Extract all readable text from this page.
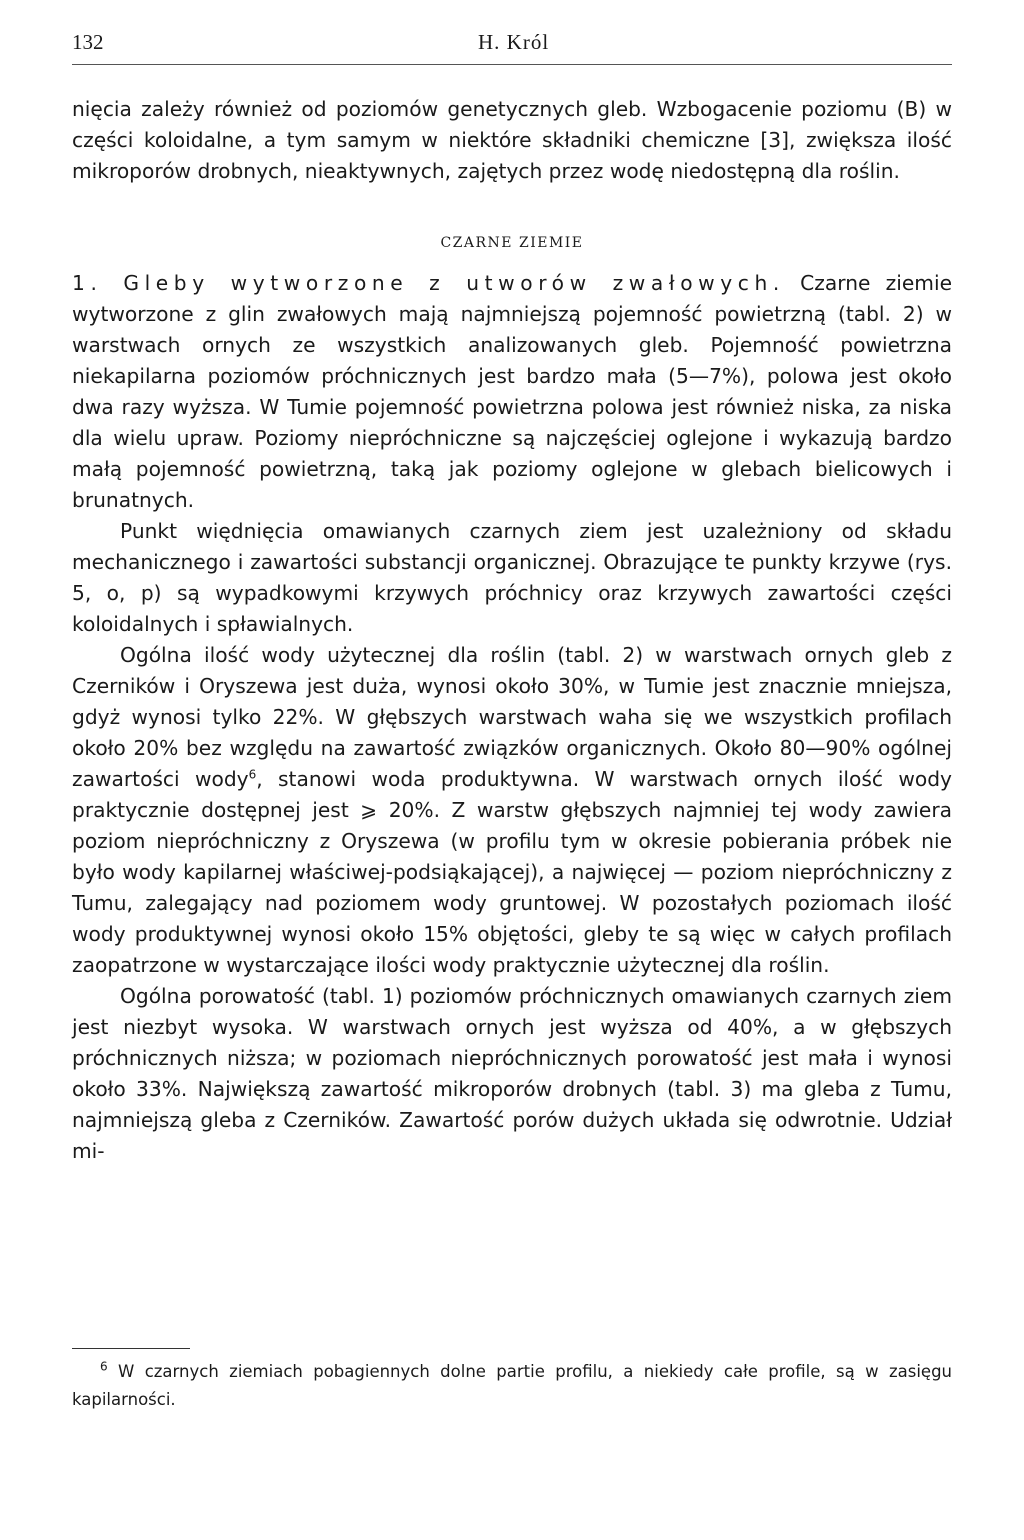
132	H. Król

nięcia zależy również od poziomów genetycznych gleb. Wzbogacenie poziomu (B) w części koloidalne, a tym samym w niektóre składniki chemiczne [3], zwiększa ilość mikroporów drobnych, nieaktywnych, zajętych przez wodę niedostępną dla roślin.

CZARNE ZIEMIE

1. Gleby wytworzone z utworów zwałowych. Czarne ziemie wytworzone z glin zwałowych mają najmniejszą pojemność powietrzną (tabl. 2) w warstwach ornych ze wszystkich analizowanych gleb. Pojemność powietrzna niekapilarna poziomów próchnicznych jest bardzo mała (5—7%), polowa jest około dwa razy wyższa. W Tumie pojemność powietrzna polowa jest również niska, za niska dla wielu upraw. Poziomy niepróchniczne są najczęściej oglejone i wykazują bardzo małą pojemność powietrzną, taką jak poziomy oglejone w glebach bielicowych i brunatnych.

Punkt więdnięcia omawianych czarnych ziem jest uzależniony od składu mechanicznego i zawartości substancji organicznej. Obrazujące te punkty krzywe (rys. 5, o, p) są wypadkowymi krzywych próchnicy oraz krzywych zawartości części koloidalnych i spławialnych.

Ogólna ilość wody użytecznej dla roślin (tabl. 2) w warstwach ornych gleb z Czerników i Oryszewa jest duża, wynosi około 30%, w Tumie jest znacznie mniejsza, gdyż wynosi tylko 22%. W głębszych warstwach waha się we wszystkich profilach około 20% bez względu na zawartość związków organicznych. Około 80—90% ogólnej zawartości wody$^6$, stanowi woda produktywna. W warstwach ornych ilość wody praktycznie dostępnej jest ⩾ 20%. Z warstw głębszych najmniej tej wody zawiera poziom niepróchniczny z Oryszewa (w profilu tym w okresie pobierania próbek nie było wody kapilarnej właściwej-podsiąkającej), a najwięcej — poziom niepróchniczny z Tumu, zalegający nad poziomem wody gruntowej. W pozostałych poziomach ilość wody produktywnej wynosi około 15% objętości, gleby te są więc w całych profilach zaopatrzone w wystarczające ilości wody praktycznie użytecznej dla roślin.

Ogólna porowatość (tabl. 1) poziomów próchnicznych omawianych czarnych ziem jest niezbyt wysoka. W warstwach ornych jest wyższa od 40%, a w głębszych próchnicznych niższa; w poziomach niepróchnicznych porowatość jest mała i wynosi około 33%. Największą zawartość mikroporów drobnych (tabl. 3) ma gleba z Tumu, najmniejszą gleba z Czerników. Zawartość porów dużych układa się odwrotnie. Udział mi-

$^6$ W czarnych ziemiach pobagiennych dolne partie profilu, a niekiedy całe profile, są w zasięgu kapilarności.
